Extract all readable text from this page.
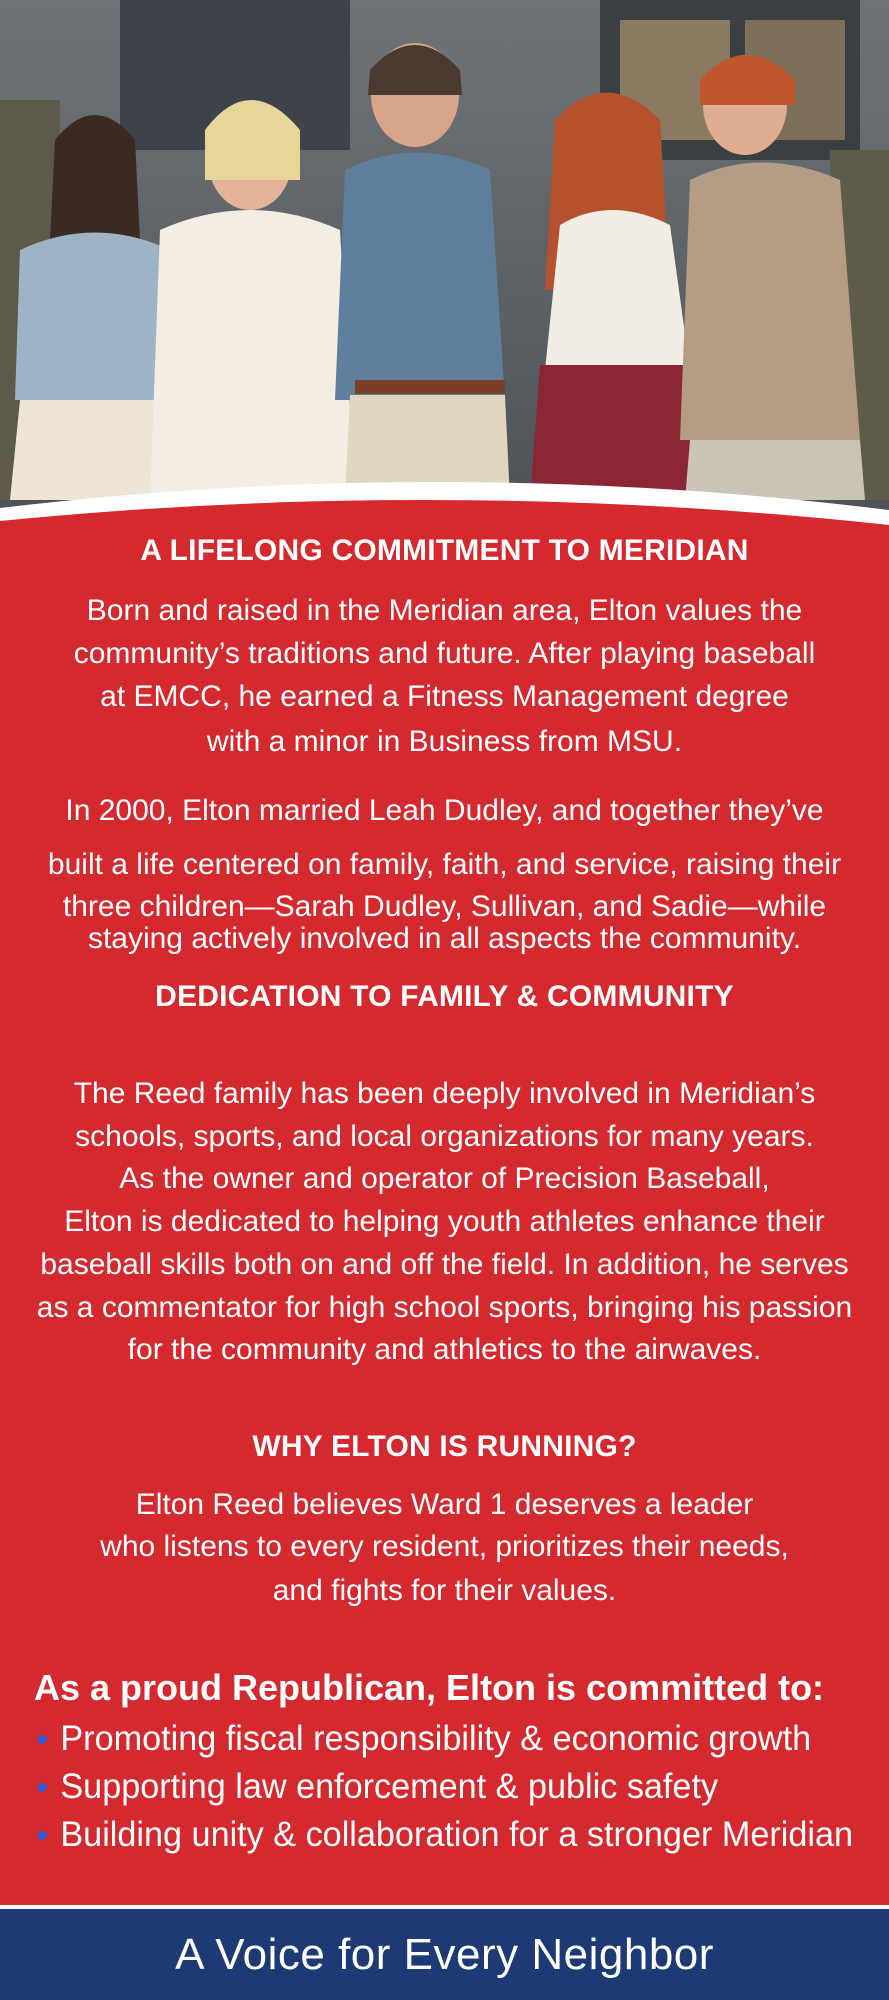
A LIFELONG COMMITMENT TO MERIDIAN
Born and raised in the Meridian area, Elton values the
community’s traditions and future. After playing baseball
at EMCC, he earned a Fitness Management degree
with a minor in Business from MSU.
In 2000, Elton married Leah Dudley, and together they’ve
built a life centered on family, faith, and service, raising their
three children—Sarah Dudley, Sullivan, and Sadie—while
staying actively involved in all aspects the community.
DEDICATION TO FAMILY & COMMUNITY
The Reed family has been deeply involved in Meridian’s
schools, sports, and local organizations for many years.
As the owner and operator of Precision Baseball,
Elton is dedicated to helping youth athletes enhance their
baseball skills both on and off the field. In addition, he serves
as a commentator for high school sports, bringing his passion
for the community and athletics to the airwaves.
WHY ELTON IS RUNNING?
Elton Reed believes Ward 1 deserves a leader
who listens to every resident, prioritizes their needs,
and fights for their values.
As a proud Republican, Elton is committed to:
Promoting fiscal responsibility & economic growth
Supporting law enforcement & public safety
Building unity & collaboration for a stronger Meridian
A Voice for Every Neighbor
